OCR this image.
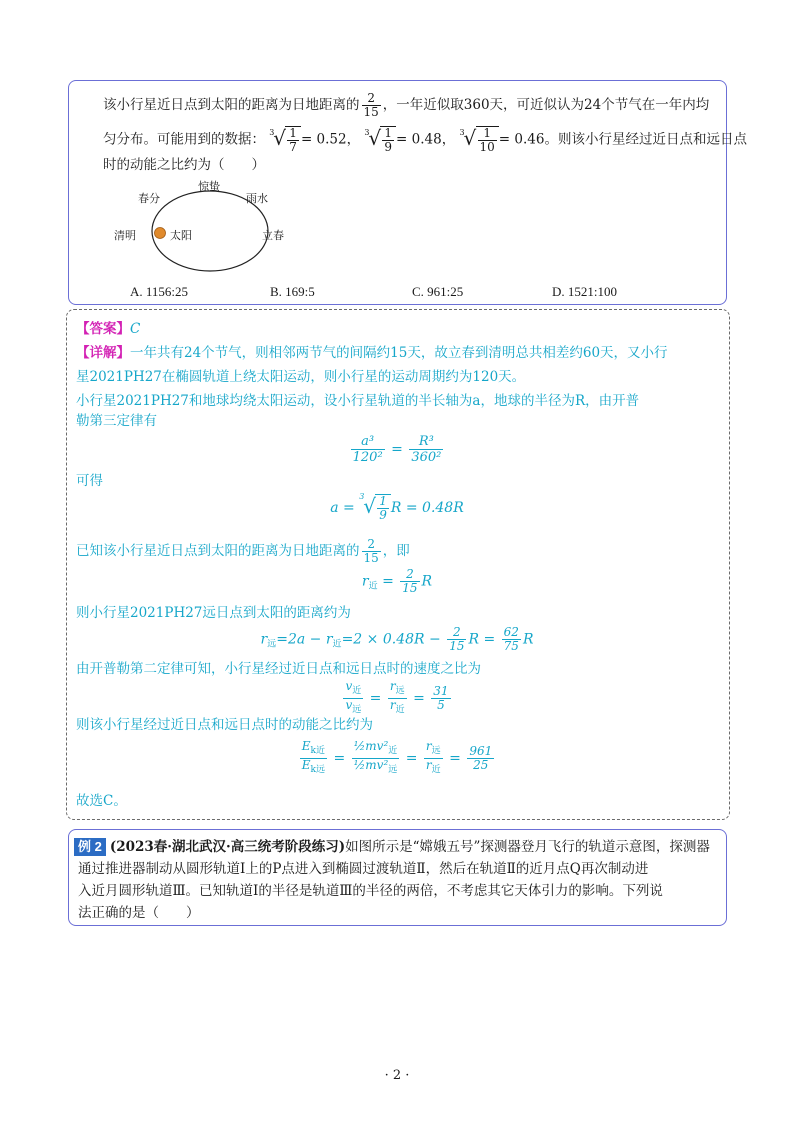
该小行星近日点到太阳的距离为日地距离的 $\frac{2}{15}$ ，一年近似取360天，可近似认为24个节气在一年内均
匀分布。可能用到的数据： 3
√ $\frac{1}{7} = 0.52$， 3
√ $\frac{1}{9} = 0.48$， 3
√ $\frac{1}{10} = 0.46$。则该小行星经过近日点和远日点
时的动能之比约为（　　）
春分
惊蛰
雨水
清明	太阳	立春
A. 1156:25	B. 169:5	C. 961:25	D. 1521:100
【答案】C
【详解】一年共有24个节气，则相邻两节气的间隔约15天，故立春到清明总共相差约60天，又小行
星2021PH27在椭圆轨道上绕太阳运动，则小行星的运动周期约为120天。
小行星2021PH27和地球均绕太阳运动，设小行星轨道的半长轴为a，地球的半径为R，由开普
勒第三定律有
$\frac{\text{a³}}{\text{120²}} = \frac{\text{R³}}{\text{360²}}$
可得
a =
3
√ $\frac{1}{9}$ R = 0.48R
已知该小行星近日点到太阳的距离为日地距离的 $\frac{2}{15}$ ，即
$r_近 = \frac{2}{15}$ R
则小行星2021PH27远日点到太阳的距离约为
$r_远=2a - r_近=2 \times 0.48R - \frac{2}{15}$ $R = \frac{62}{75}$ R
由开普勒第二定律可知，小行星经过近日点和远日点时的速度之比为
$\frac{v_近}{v_远} = \frac{r_远}{r_近} = \frac{31}{5}$
则该小行星经过近日点和远日点时的动能之比约为
$\frac{E_{k近}}{E_{k远}} = \frac{\frac{1}{2}mv^2_近}{\frac{1}{2}mv^2_远} = \frac{r_远}{r_近} = \frac{961}{25}$
故选C。
例 2 (2023春·湖北武汉·高三统考阶段练习)如图所示是“嫦娥五号”探测器登月飞行的轨道示意图，探测器
通过推进器制动从圆形轨道Ⅰ上的P点进入到椭圆过渡轨道Ⅱ，然后在轨道Ⅱ的近月点Q再次制动进
入近月圆形轨道Ⅲ。已知轨道Ⅰ的半径是轨道Ⅲ的半径的两倍，不考虑其它天体引力的影响。下列说
法正确的是（　　）
· 2 ·
